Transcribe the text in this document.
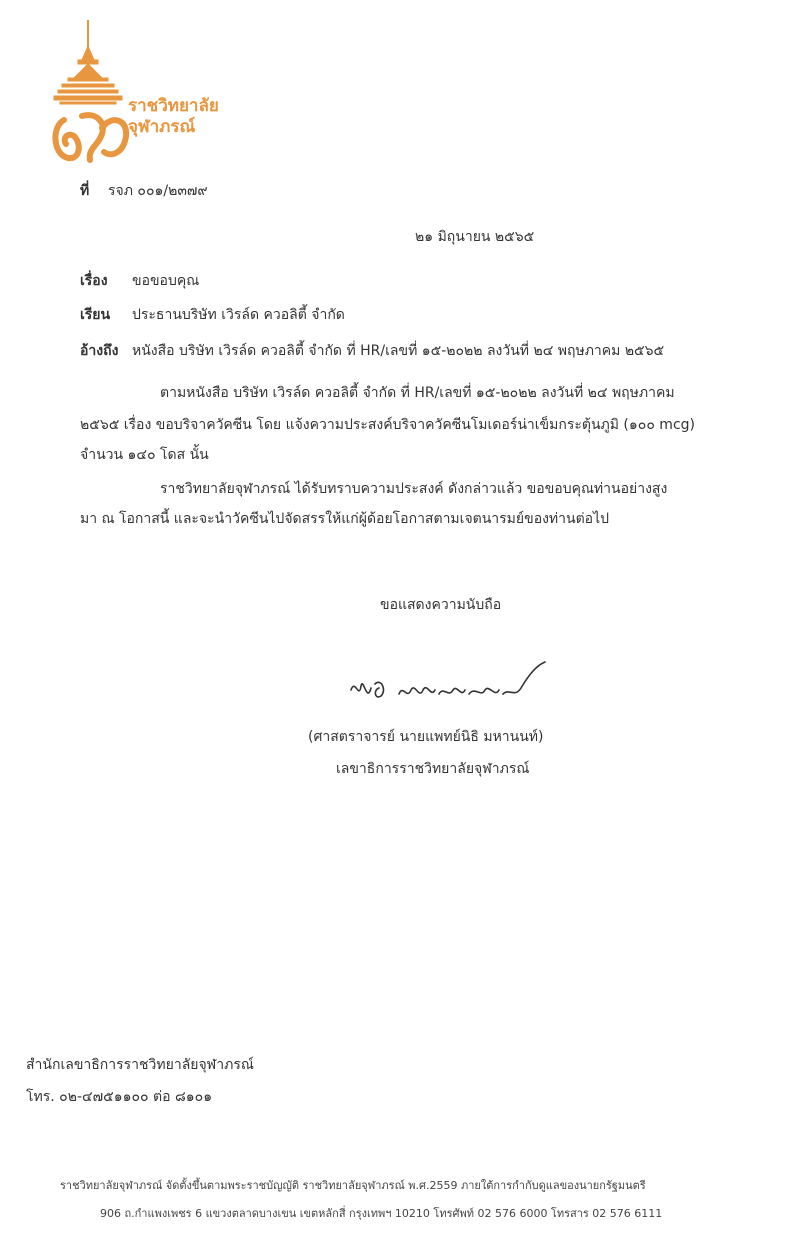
ราชวิทยาลัย
จุฬาภรณ์
ที่ รจภ ๐๐๑/๒๓๗๙
๒๑ มิถุนายน ๒๕๖๕
เรื่อง ขอขอบคุณ
เรียน ประธานบริษัท เวิรล์ด ควอลิตี้ จำกัด
อ้างถึง หนังสือ บริษัท เวิรล์ด ควอลิตี้ จำกัด ที่ HR/เลขที่ ๑๕-๒๐๒๒ ลงวันที่ ๒๔ พฤษภาคม ๒๕๖๕
ตามหนังสือ บริษัท เวิรล์ด ควอลิตี้ จำกัด ที่ HR/เลขที่ ๑๕-๒๐๒๒ ลงวันที่ ๒๔ พฤษภาคม
๒๕๖๕ เรื่อง ขอบริจาควัคซีน โดย แจ้งความประสงค์บริจาควัคซีนโมเดอร์น่าเข็มกระตุ้นภูมิ (๑๐๐ mcg)
จำนวน ๑๔๐ โดส นั้น
ราชวิทยาลัยจุฬาภรณ์ ได้รับทราบความประสงค์ ดังกล่าวแล้ว ขอขอบคุณท่านอย่างสูง
มา ณ โอกาสนี้ และจะนำวัคซีนไปจัดสรรให้แก่ผู้ด้อยโอกาสตามเจตนารมย์ของท่านต่อไป
ขอแสดงความนับถือ
(ศาสตราจารย์ นายแพทย์นิธิ มหานนท์)
เลขาธิการราชวิทยาลัยจุฬาภรณ์
สำนักเลขาธิการราชวิทยาลัยจุฬาภรณ์
โทร. ๐๒-๔๗๕๑๑๐๐ ต่อ ๘๑๐๑
ราชวิทยาลัยจุฬาภรณ์ จัดตั้งขึ้นตามพระราชบัญญัติ ราชวิทยาลัยจุฬาภรณ์ พ.ศ.2559 ภายใต้การกำกับดูแลของนายกรัฐมนตรี
906 ถ.กำแพงเพชร 6 แขวงตลาดบางเขน เขตหลักสี่ กรุงเทพฯ 10210 โทรศัพท์ 02 576 6000 โทรสาร 02 576 6111
